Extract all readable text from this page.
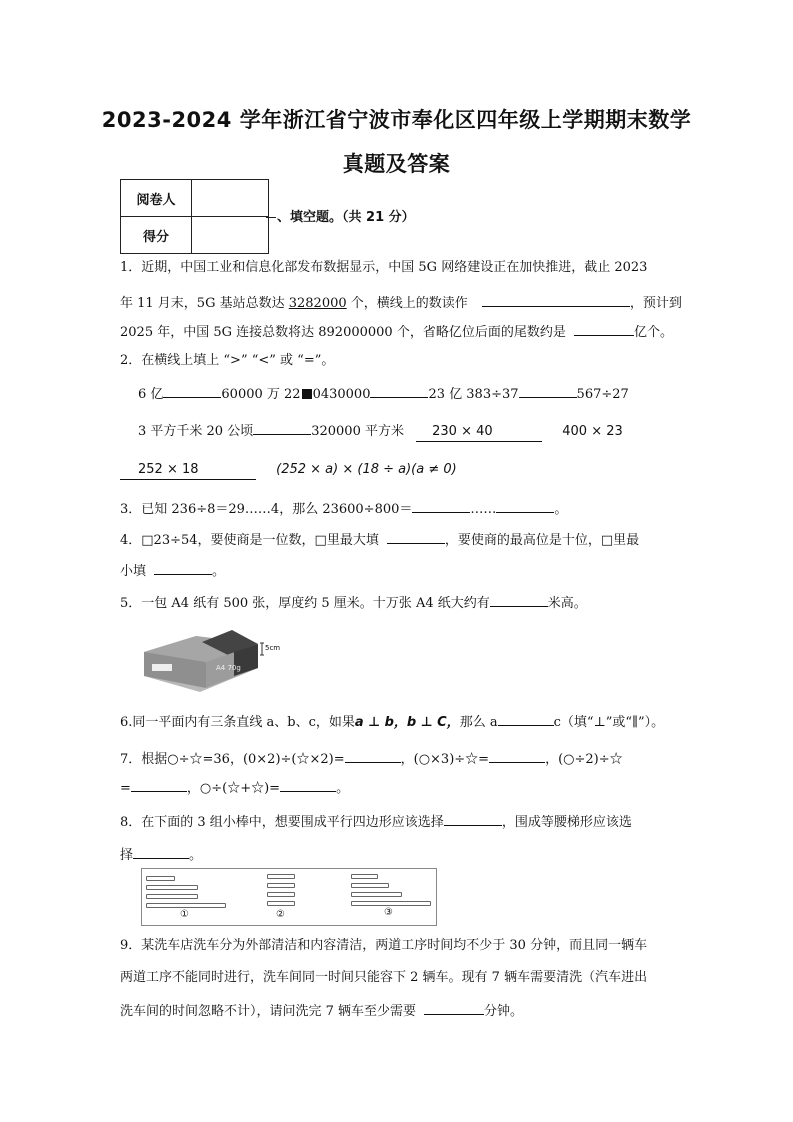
2023-2024 学年浙江省宁波市奉化区四年级上学期期末数学
真题及答案
阅卷人	
得分	
、填空题。（共 21 分）
1．近期，中国工业和信息化部发布数据显示，中国 5G 网络建设正在加快推进，截止 2023
年 11 月末，5G 基站总数达 3282000 个，横线上的数读作	，预计到
2025 年，中国 5G 连接总数将达 892000000 个，省略亿位后面的尾数约是	亿个。
2．在横线上填上 “>” “<” 或 “=”。
6 亿	60000 万 22 0430000	23 亿 383÷37	567÷27
3 平方千米 20 公顷	320000 平方米 230 × 40	400 × 23
252 × 18	(252 × a) × (18 ÷ a)(a ≠ 0)
3．已知 236÷8＝29……4，那么 23600÷800＝	……	。
4．□23÷54，要使商是一位数，□里最大填	，要使商的最高位是十位，□里最
小填	。
5．一包 A4 纸有 500 张，厚度约 5 厘米。十万张 A4 纸大约有	米高。
5cm
A4 70g
6.同一平面内有三条直线 a、b、c，如果a ⊥ b，b ⊥ C，那么 a	c（填“⊥”或“∥”）。
7．根据○÷☆=36，(0×2)÷(☆×2)=	，(○×3)÷☆=	，(○÷2)÷☆
=	，○÷(☆+☆)=	。
8．在下面的 3 组小棒中，想要围成平行四边形应该选择	，围成等腰梯形应该选
择	。
①	②	③
9．某洗车店洗车分为外部清洁和内容清洁，两道工序时间均不少于 30 分钟，而且同一辆车
两道工序不能同时进行，洗车间同一时间只能容下 2 辆车。现有 7 辆车需要清洗（汽车进出
洗车间的时间忽略不计），请问洗完 7 辆车至少需要	分钟。
